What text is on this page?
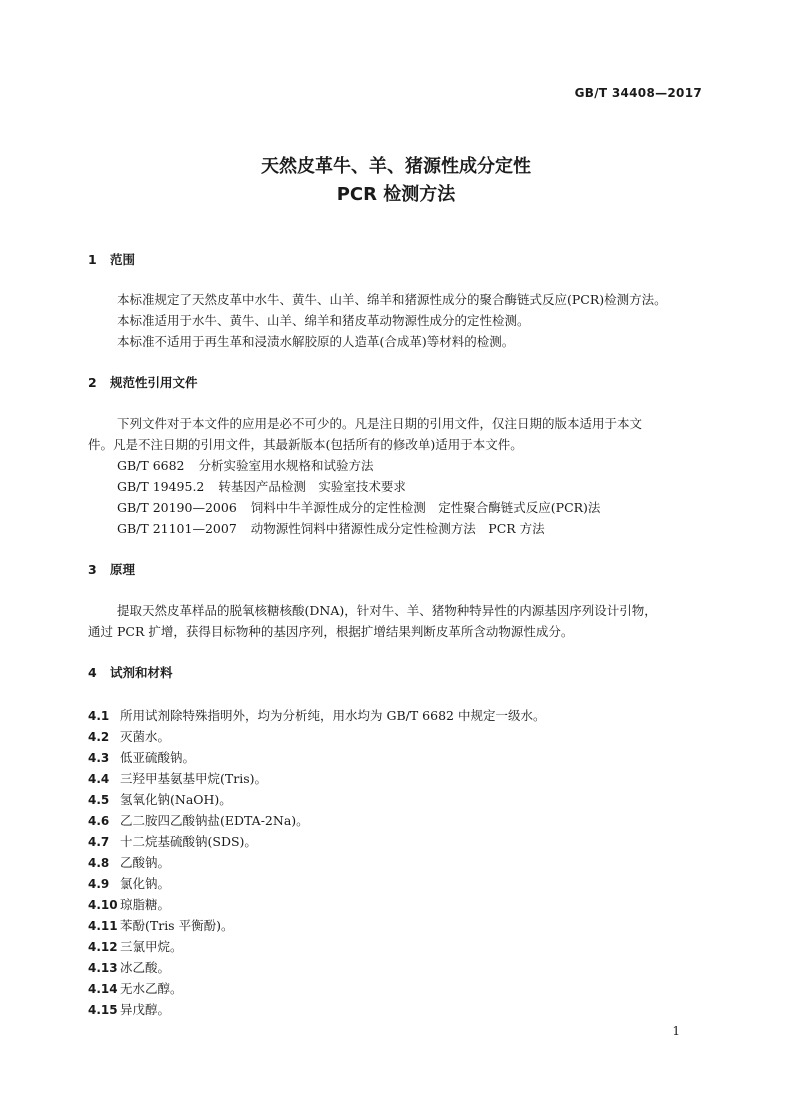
GB/T 34408—2017
天然皮革牛、羊、猪源性成分定性
PCR 检测方法
1 范围
本标准规定了天然皮革中水牛、黄牛、山羊、绵羊和猪源性成分的聚合酶链式反应(PCR)检测方法。
本标准适用于水牛、黄牛、山羊、绵羊和猪皮革动物源性成分的定性检测。
本标准不适用于再生革和浸渍水解胶原的人造革(合成革)等材料的检测。
2 规范性引用文件
下列文件对于本文件的应用是必不可少的。凡是注日期的引用文件，仅注日期的版本适用于本文
件。凡是不注日期的引用文件，其最新版本(包括所有的修改单)适用于本文件。
GB/T 6682 分析实验室用水规格和试验方法
GB/T 19495.2 转基因产品检测　实验室技术要求
GB/T 20190—2006 饲料中牛羊源性成分的定性检测　定性聚合酶链式反应(PCR)法
GB/T 21101—2007 动物源性饲料中猪源性成分定性检测方法　PCR 方法
3 原理
提取天然皮革样品的脱氧核糖核酸(DNA)，针对牛、羊、猪物种特异性的内源基因序列设计引物，
通过 PCR 扩增，获得目标物种的基因序列，根据扩增结果判断皮革所含动物源性成分。
4 试剂和材料
4.1 所用试剂除特殊指明外，均为分析纯，用水均为 GB/T 6682 中规定一级水。
4.2 灭菌水。
4.3 低亚硫酸钠。
4.4 三羟甲基氨基甲烷(Tris)。
4.5 氢氧化钠(NaOH)。
4.6 乙二胺四乙酸钠盐(EDTA-2Na)。
4.7 十二烷基硫酸钠(SDS)。
4.8 乙酸钠。
4.9 氯化钠。
4.10 琼脂糖。
4.11 苯酚(Tris 平衡酚)。
4.12 三氯甲烷。
4.13 冰乙酸。
4.14 无水乙醇。
4.15 异戊醇。
1
